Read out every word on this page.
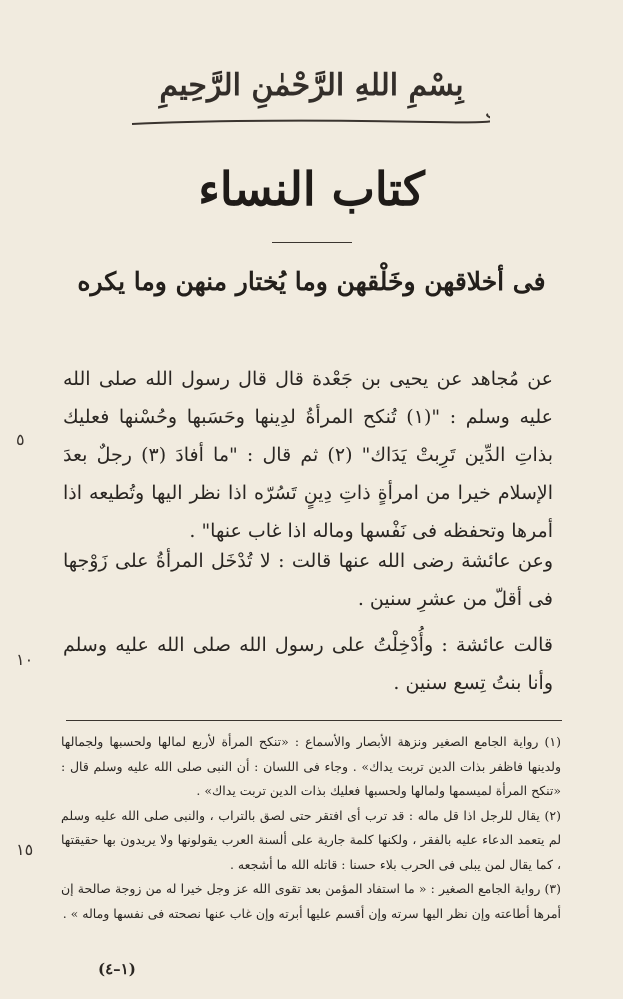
بِسْمِ اللهِ الرَّحْمٰنِ الرَّحِيمِ
كتاب النساء
فى أخلاقهن وخَلْقهن وما يُختار منهن وما يكره
عن مُجاهد عن يحيى بن جَعْدة قال قال رسول الله صلى الله عليه وسلم : "(١) تُنكح المرأةُ لدِينها وحَسَبها وحُسْنها فعليك بذاتِ الدِّين تَرِبتْ يَدَاك" (٢) ثم قال : "ما أفادَ (٣) رجلٌ بعدَ الإسلام خيرا من امرأةٍ ذاتِ دِينٍ تَسُرّه اذا نظر اليها وتُطيعه اذا أمرها وتحفظه فى نَفْسها وماله اذا غاب عنها" .
وعن عائشة رضى الله عنها قالت : لا تُدْخَل المرأةُ على زَوْجها فى أقلّ من عشرِ سنين .
قالت عائشة : وأُدْخِلْتُ على رسول الله صلى الله عليه وسلم وأنا بنتُ تِسع سنين .
٥
١٠
١٥

(١) رواية الجامع الصغير ونزهة الأبصار والأسماع : «تنكح المرأة لأربع لمالها ولحسبها ولجمالها ولدينها فاظفر بذات الدين تربت يداك» . وجاء فى اللسان : أن النبى صلى الله عليه وسلم قال : «تنكح المرأة لميسمها ولمالها ولحسبها فعليك بذات الدين تربت يداك» .

(٢) يقال للرجل اذا قل ماله : قد ترب أى افتقر حتى لصق بالتراب ، والنبى صلى الله عليه وسلم لم يتعمد الدعاء عليه بالفقر ، ولكنها كلمة جارية على ألسنة العرب يقولونها ولا يريدون بها حقيقتها ، كما يقال لمن يبلى فى الحرب بلاء حسنا : قاتله الله ما أشجعه .

(٣) رواية الجامع الصغير : « ما استفاد المؤمن بعد تقوى الله عز وجل خيرا له من زوجة صالحة إن أمرها أطاعته وإن نظر اليها سرته وإن أقسم عليها أبرته وإن غاب عنها نصحته فى نفسها وماله » .

(١–٤)
